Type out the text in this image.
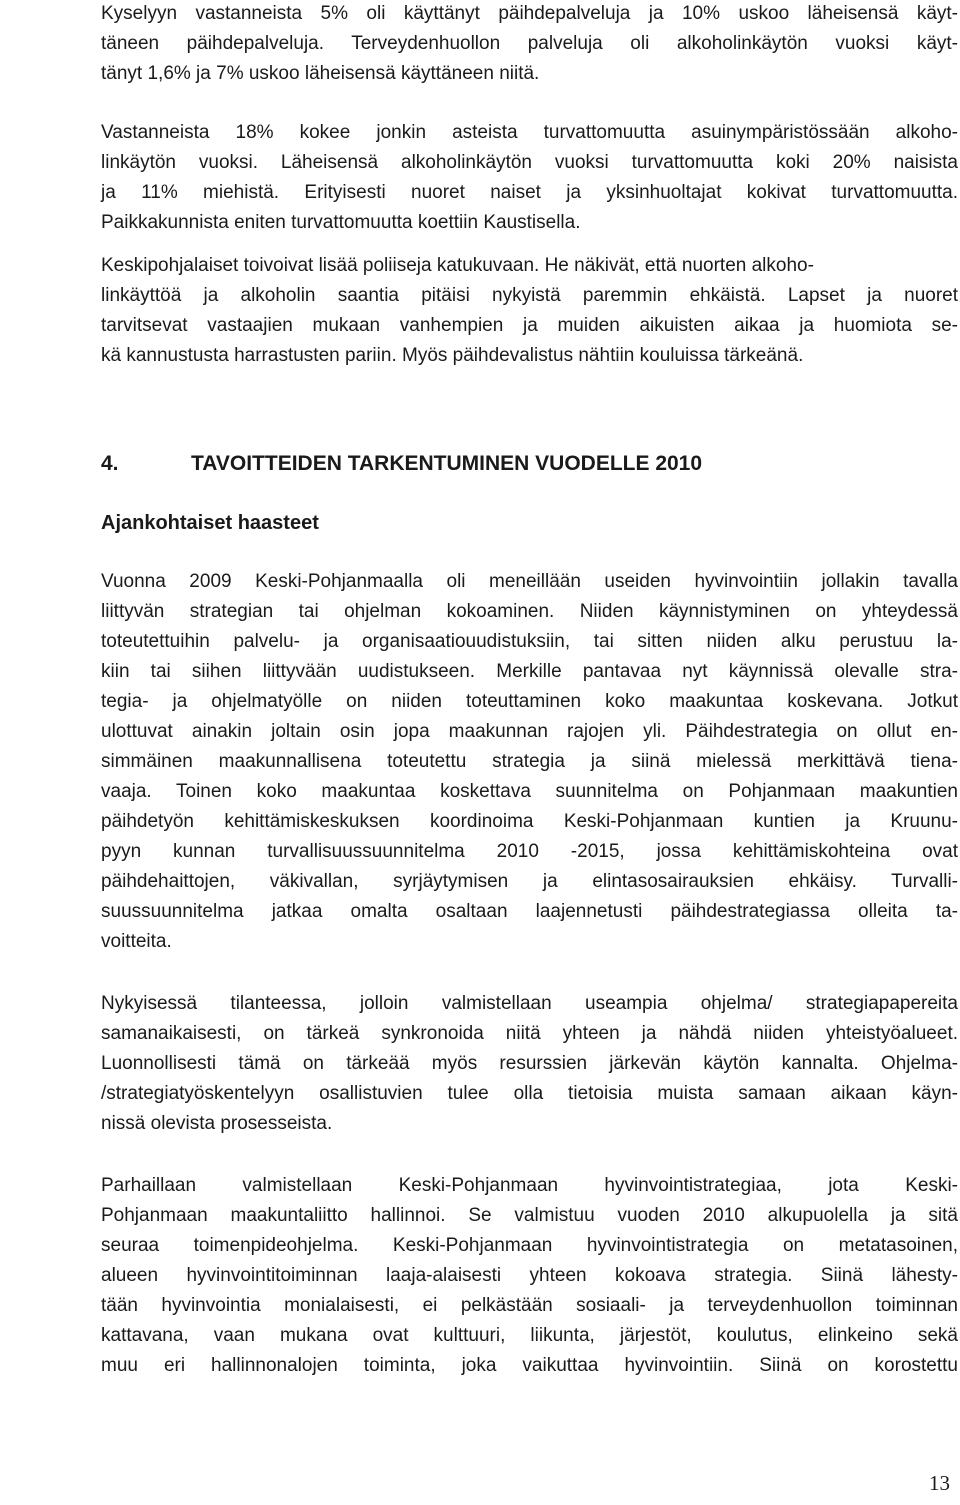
Kyselyyn vastanneista 5% oli käyttänyt päihdepalveluja ja 10% uskoo läheisensä käyt-
täneen päihdepalveluja. Terveydenhuollon palveluja oli alkoholinkäytön vuoksi käyt-
tänyt 1,6% ja 7% uskoo läheisensä käyttäneen niitä.
Vastanneista 18% kokee jonkin asteista turvattomuutta asuinympäristössään alkoho-
linkäytön vuoksi. Läheisensä alkoholinkäytön vuoksi turvattomuutta koki 20% naisista
ja 11% miehistä. Erityisesti nuoret naiset ja yksinhuoltajat kokivat turvattomuutta.
Paikkakunnista eniten turvattomuutta koettiin Kaustisella.
Keskipohjalaiset toivoivat lisää poliiseja katukuvaan. He näkivät, että nuorten alkoho-
linkäyttöä ja alkoholin saantia pitäisi nykyistä paremmin ehkäistä. Lapset ja nuoret
tarvitsevat vastaajien mukaan vanhempien ja muiden aikuisten aikaa ja huomiota se-
kä kannustusta harrastusten pariin. Myös päihdevalistus nähtiin kouluissa tärkeänä.
4.	TAVOITTEIDEN TARKENTUMINEN VUODELLE 2010
Ajankohtaiset haasteet
Vuonna 2009 Keski-Pohjanmaalla oli meneillään useiden hyvinvointiin jollakin tavalla
liittyvän strategian tai ohjelman kokoaminen. Niiden käynnistyminen on yhteydessä
toteutettuihin palvelu- ja organisaatiouudistuksiin, tai sitten niiden alku perustuu la-
kiin tai siihen liittyvään uudistukseen. Merkille pantavaa nyt käynnissä olevalle stra-
tegia- ja ohjelmatyölle on niiden toteuttaminen koko maakuntaa koskevana. Jotkut
ulottuvat ainakin joltain osin jopa maakunnan rajojen yli. Päihdestrategia on ollut en-
simmäinen maakunnallisena toteutettu strategia ja siinä mielessä merkittävä tiena-
vaaja. Toinen koko maakuntaa koskettava suunnitelma on Pohjanmaan maakuntien
päihdetyön kehittämiskeskuksen koordinoima Keski-Pohjanmaan kuntien ja Kruunu-
pyyn kunnan turvallisuussuunnitelma 2010 -2015, jossa kehittämiskohteina ovat
päihdehaittojen, väkivallan, syrjäytymisen ja elintasosairauksien ehkäisy. Turvalli-
suussuunnitelma jatkaa omalta osaltaan laajennetusti päihdestrategiassa olleita ta-
voitteita.
Nykyisessä tilanteessa, jolloin valmistellaan useampia ohjelma/ strategiapapereita
samanaikaisesti, on tärkeä synkronoida niitä yhteen ja nähdä niiden yhteistyöalueet.
Luonnollisesti tämä on tärkeää myös resurssien järkevän käytön kannalta. Ohjelma-
/strategiatyöskentelyyn osallistuvien tulee olla tietoisia muista samaan aikaan käyn-
nissä olevista prosesseista.
Parhaillaan valmistellaan Keski-Pohjanmaan hyvinvointistrategiaa, jota Keski-
Pohjanmaan maakuntaliitto hallinnoi. Se valmistuu vuoden 2010 alkupuolella ja sitä
seuraa toimenpideohjelma. Keski-Pohjanmaan hyvinvointistrategia on metatasoinen,
alueen hyvinvointitoiminnan laaja-alaisesti yhteen kokoava strategia. Siinä lähesty-
tään hyvinvointia monialaisesti, ei pelkästään sosiaali- ja terveydenhuollon toiminnan
kattavana, vaan mukana ovat kulttuuri, liikunta, järjestöt, koulutus, elinkeino sekä
muu eri hallinnonalojen toiminta, joka vaikuttaa hyvinvointiin. Siinä on korostettu
13
